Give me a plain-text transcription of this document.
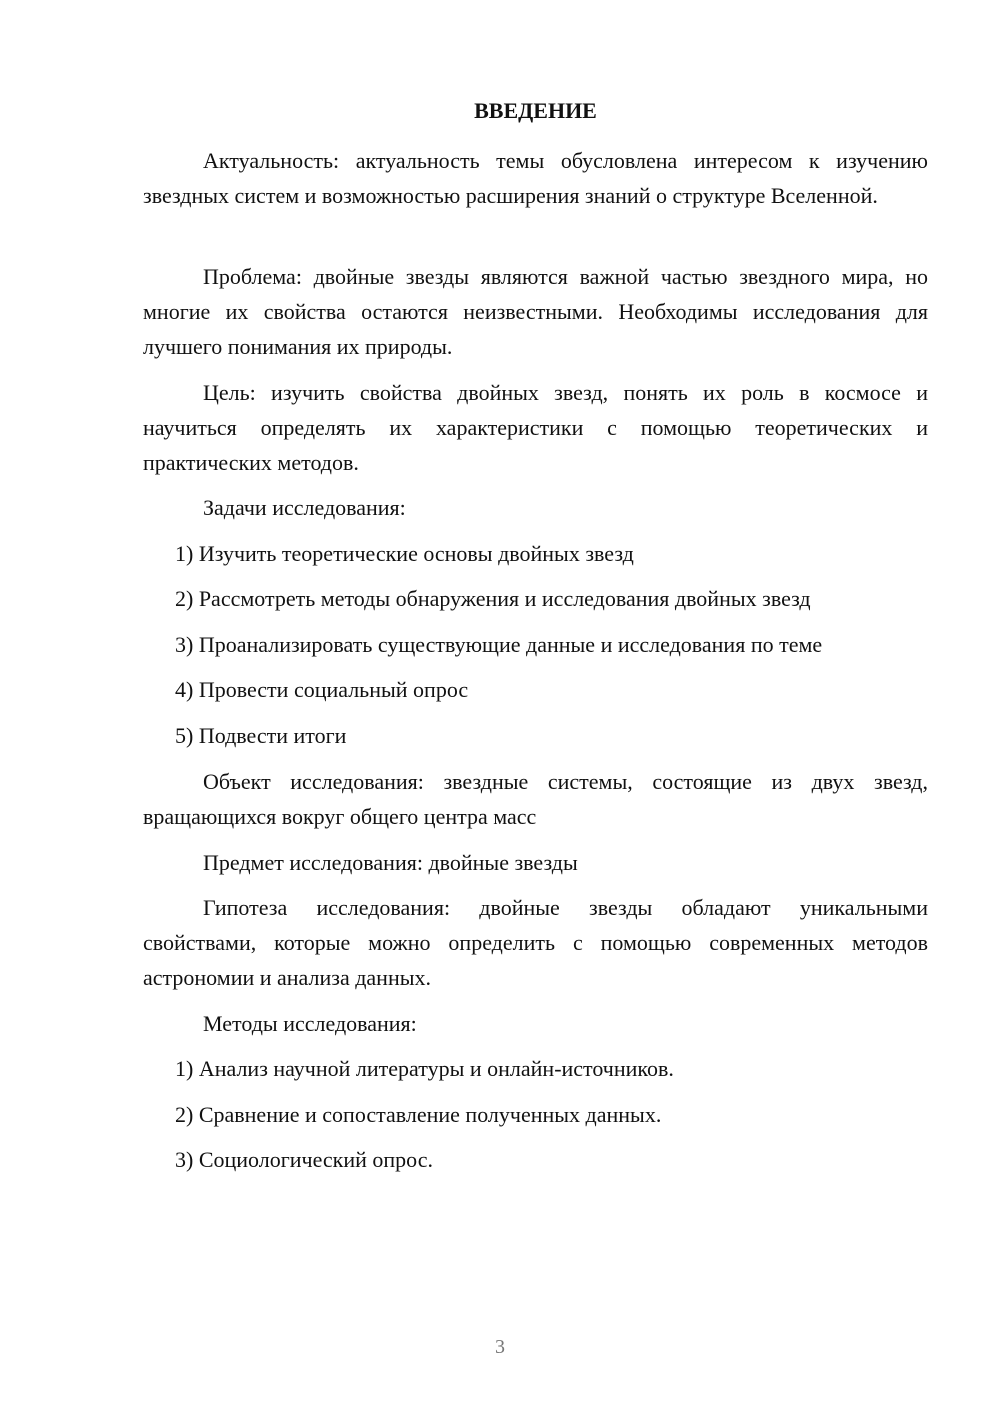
ВВЕДЕНИЕ

Актуальность: актуальность темы обусловлена интересом к изучению звездных систем и возможностью расширения знаний о структуре Вселенной.

Проблема: двойные звезды являются важной частью звездного мира, но многие их свойства остаются неизвестными. Необходимы исследования для лучшего понимания их природы.

Цель: изучить свойства двойных звезд, понять их роль в космосе и научиться определять их характеристики с помощью теоретических и практических методов.

Задачи исследования:

1) Изучить теоретические основы двойных звезд

2) Рассмотреть методы обнаружения и исследования двойных звезд

3) Проанализировать существующие данные и исследования по теме

4) Провести социальный опрос

5) Подвести итоги

Объект исследования: звездные системы, состоящие из двух звезд, вращающихся вокруг общего центра масс

Предмет исследования: двойные звезды

Гипотеза исследования: двойные звезды обладают уникальными свойствами, которые можно определить с помощью современных методов астрономии и анализа данных.

Методы исследования:

1) Анализ научной литературы и онлайн-источников.

2) Сравнение и сопоставление полученных данных.

3) Социологический опрос.

3
